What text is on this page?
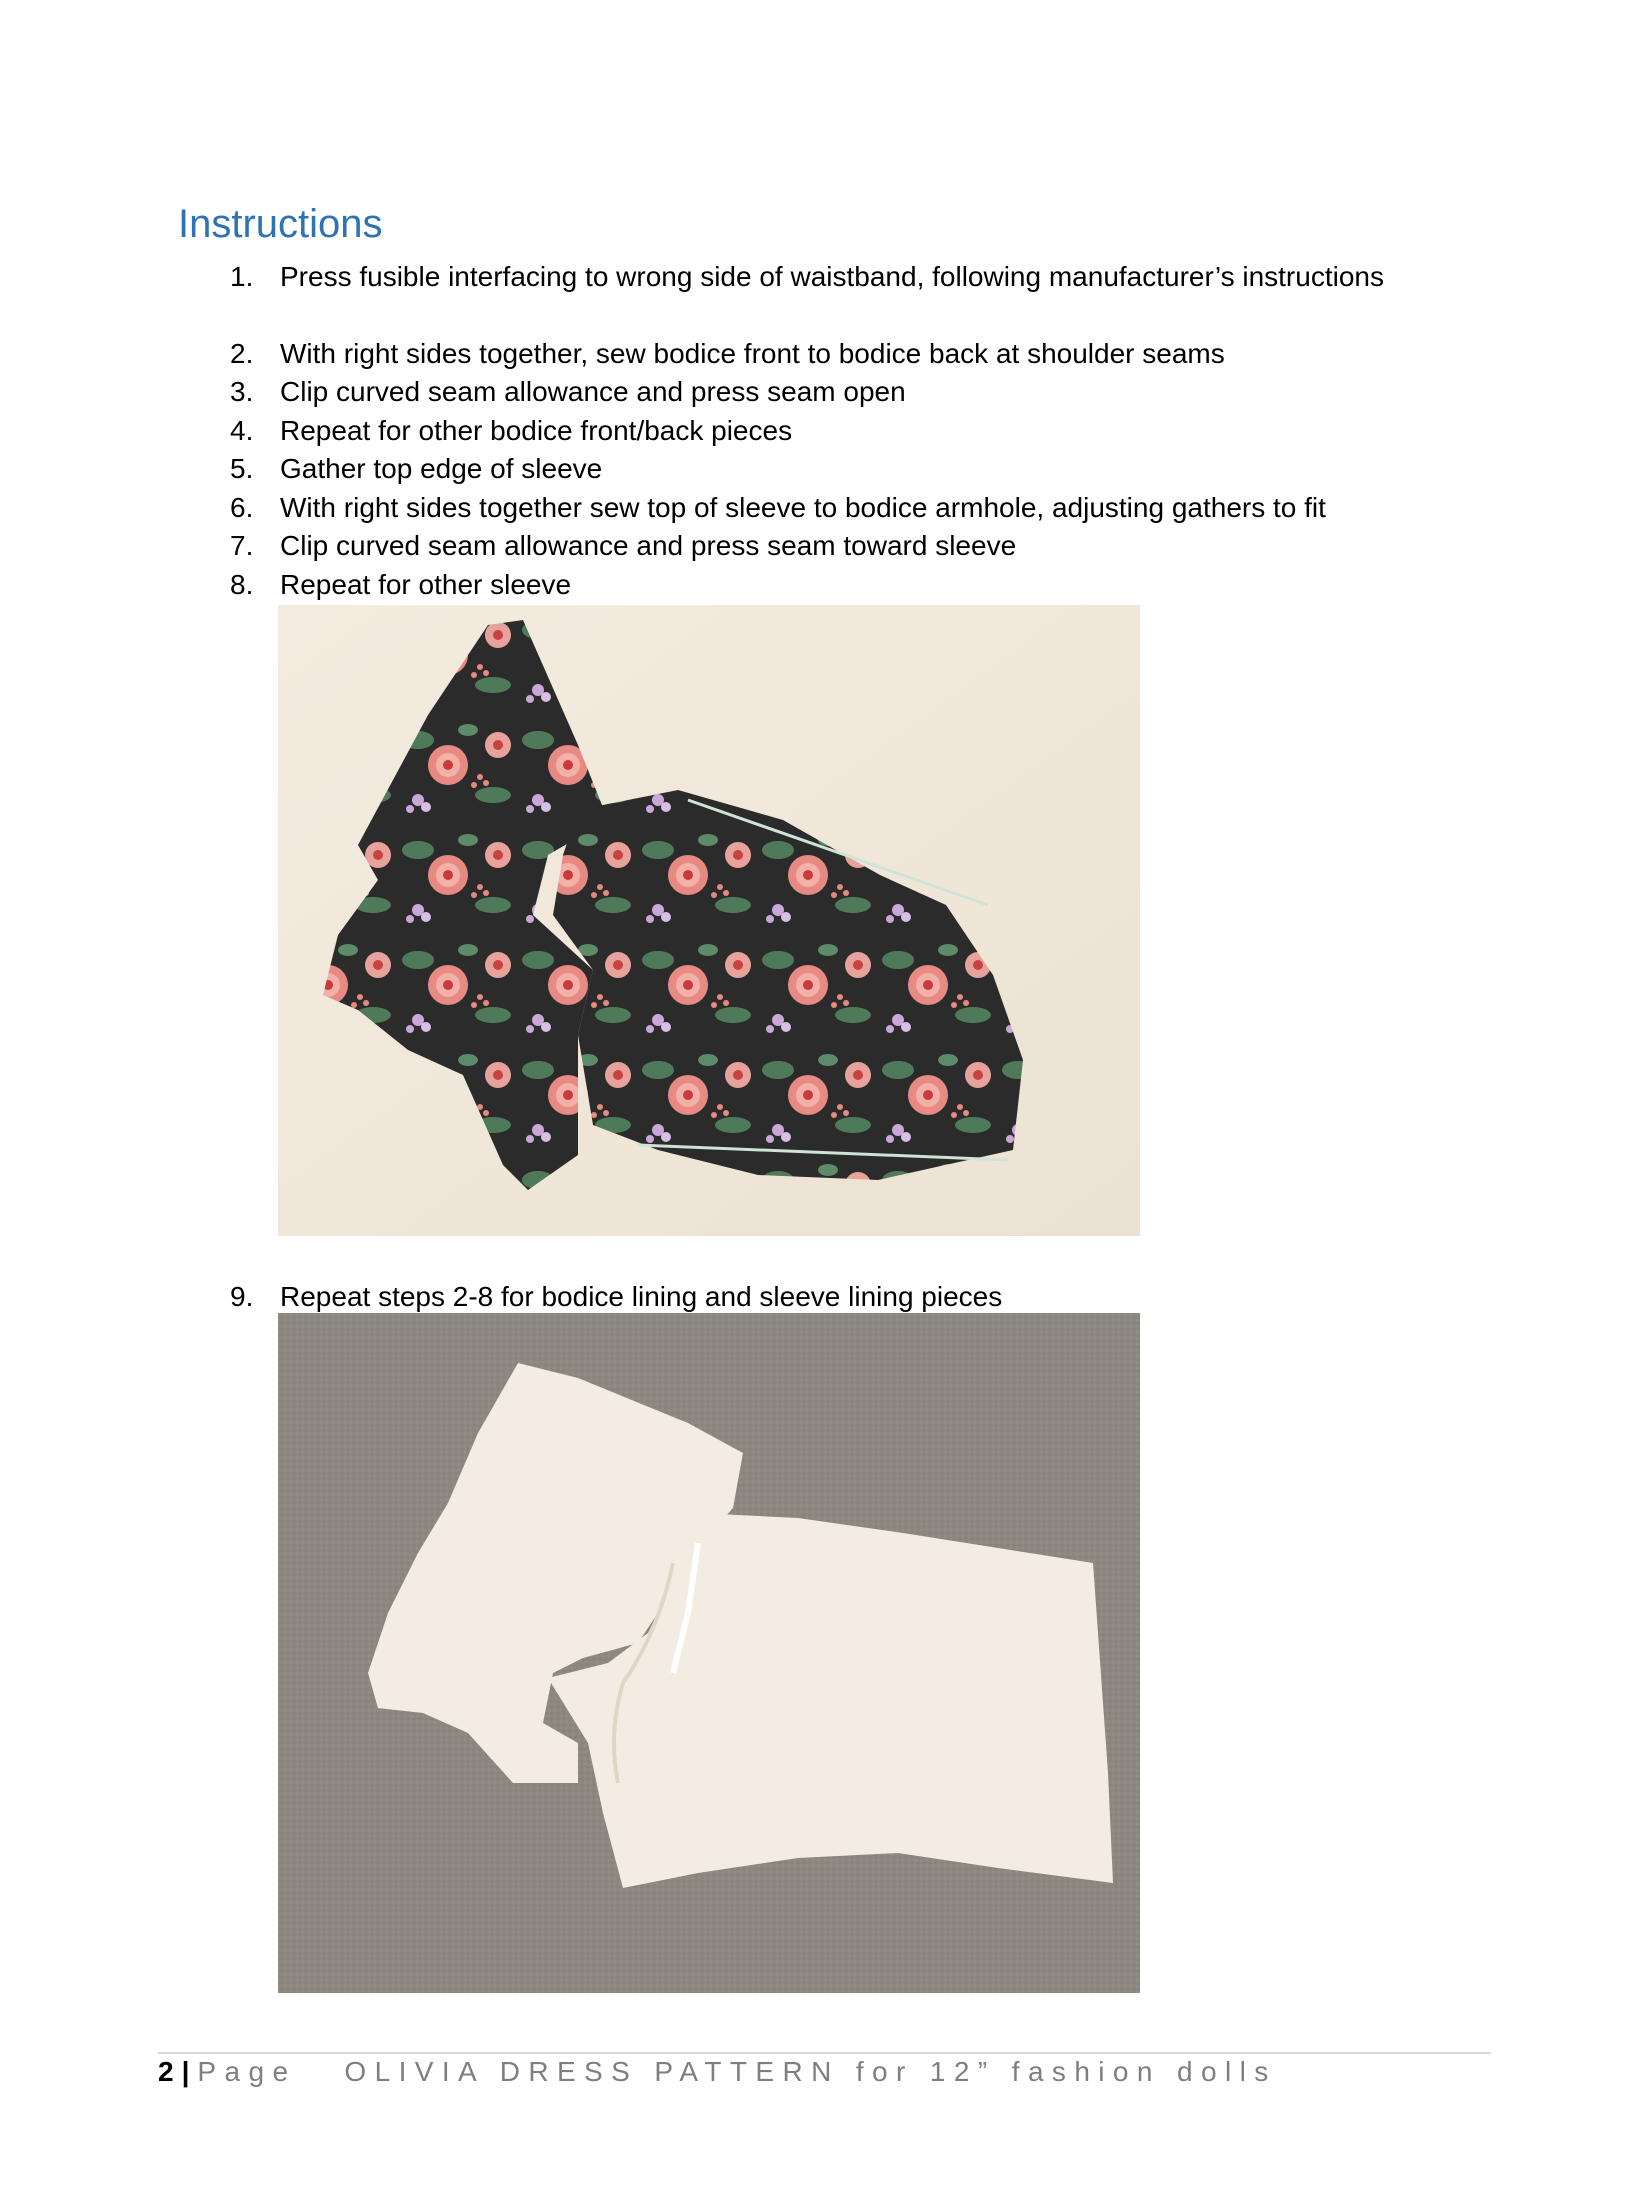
Instructions
1. Press fusible interfacing to wrong side of waistband, following manufacturer’s instructions
2. With right sides together, sew bodice front to bodice back at shoulder seams
3. Clip curved seam allowance and press seam open
4. Repeat for other bodice front/back pieces
5. Gather top edge of sleeve
6. With right sides together sew top of sleeve to bodice armhole, adjusting gathers to fit
7. Clip curved seam allowance and press seam toward sleeve
8. Repeat for other sleeve
9. Repeat steps 2-8 for bodice lining and sleeve lining pieces
2 | Page OLIVIA DRESS PATTERN for 12” fashion dolls
